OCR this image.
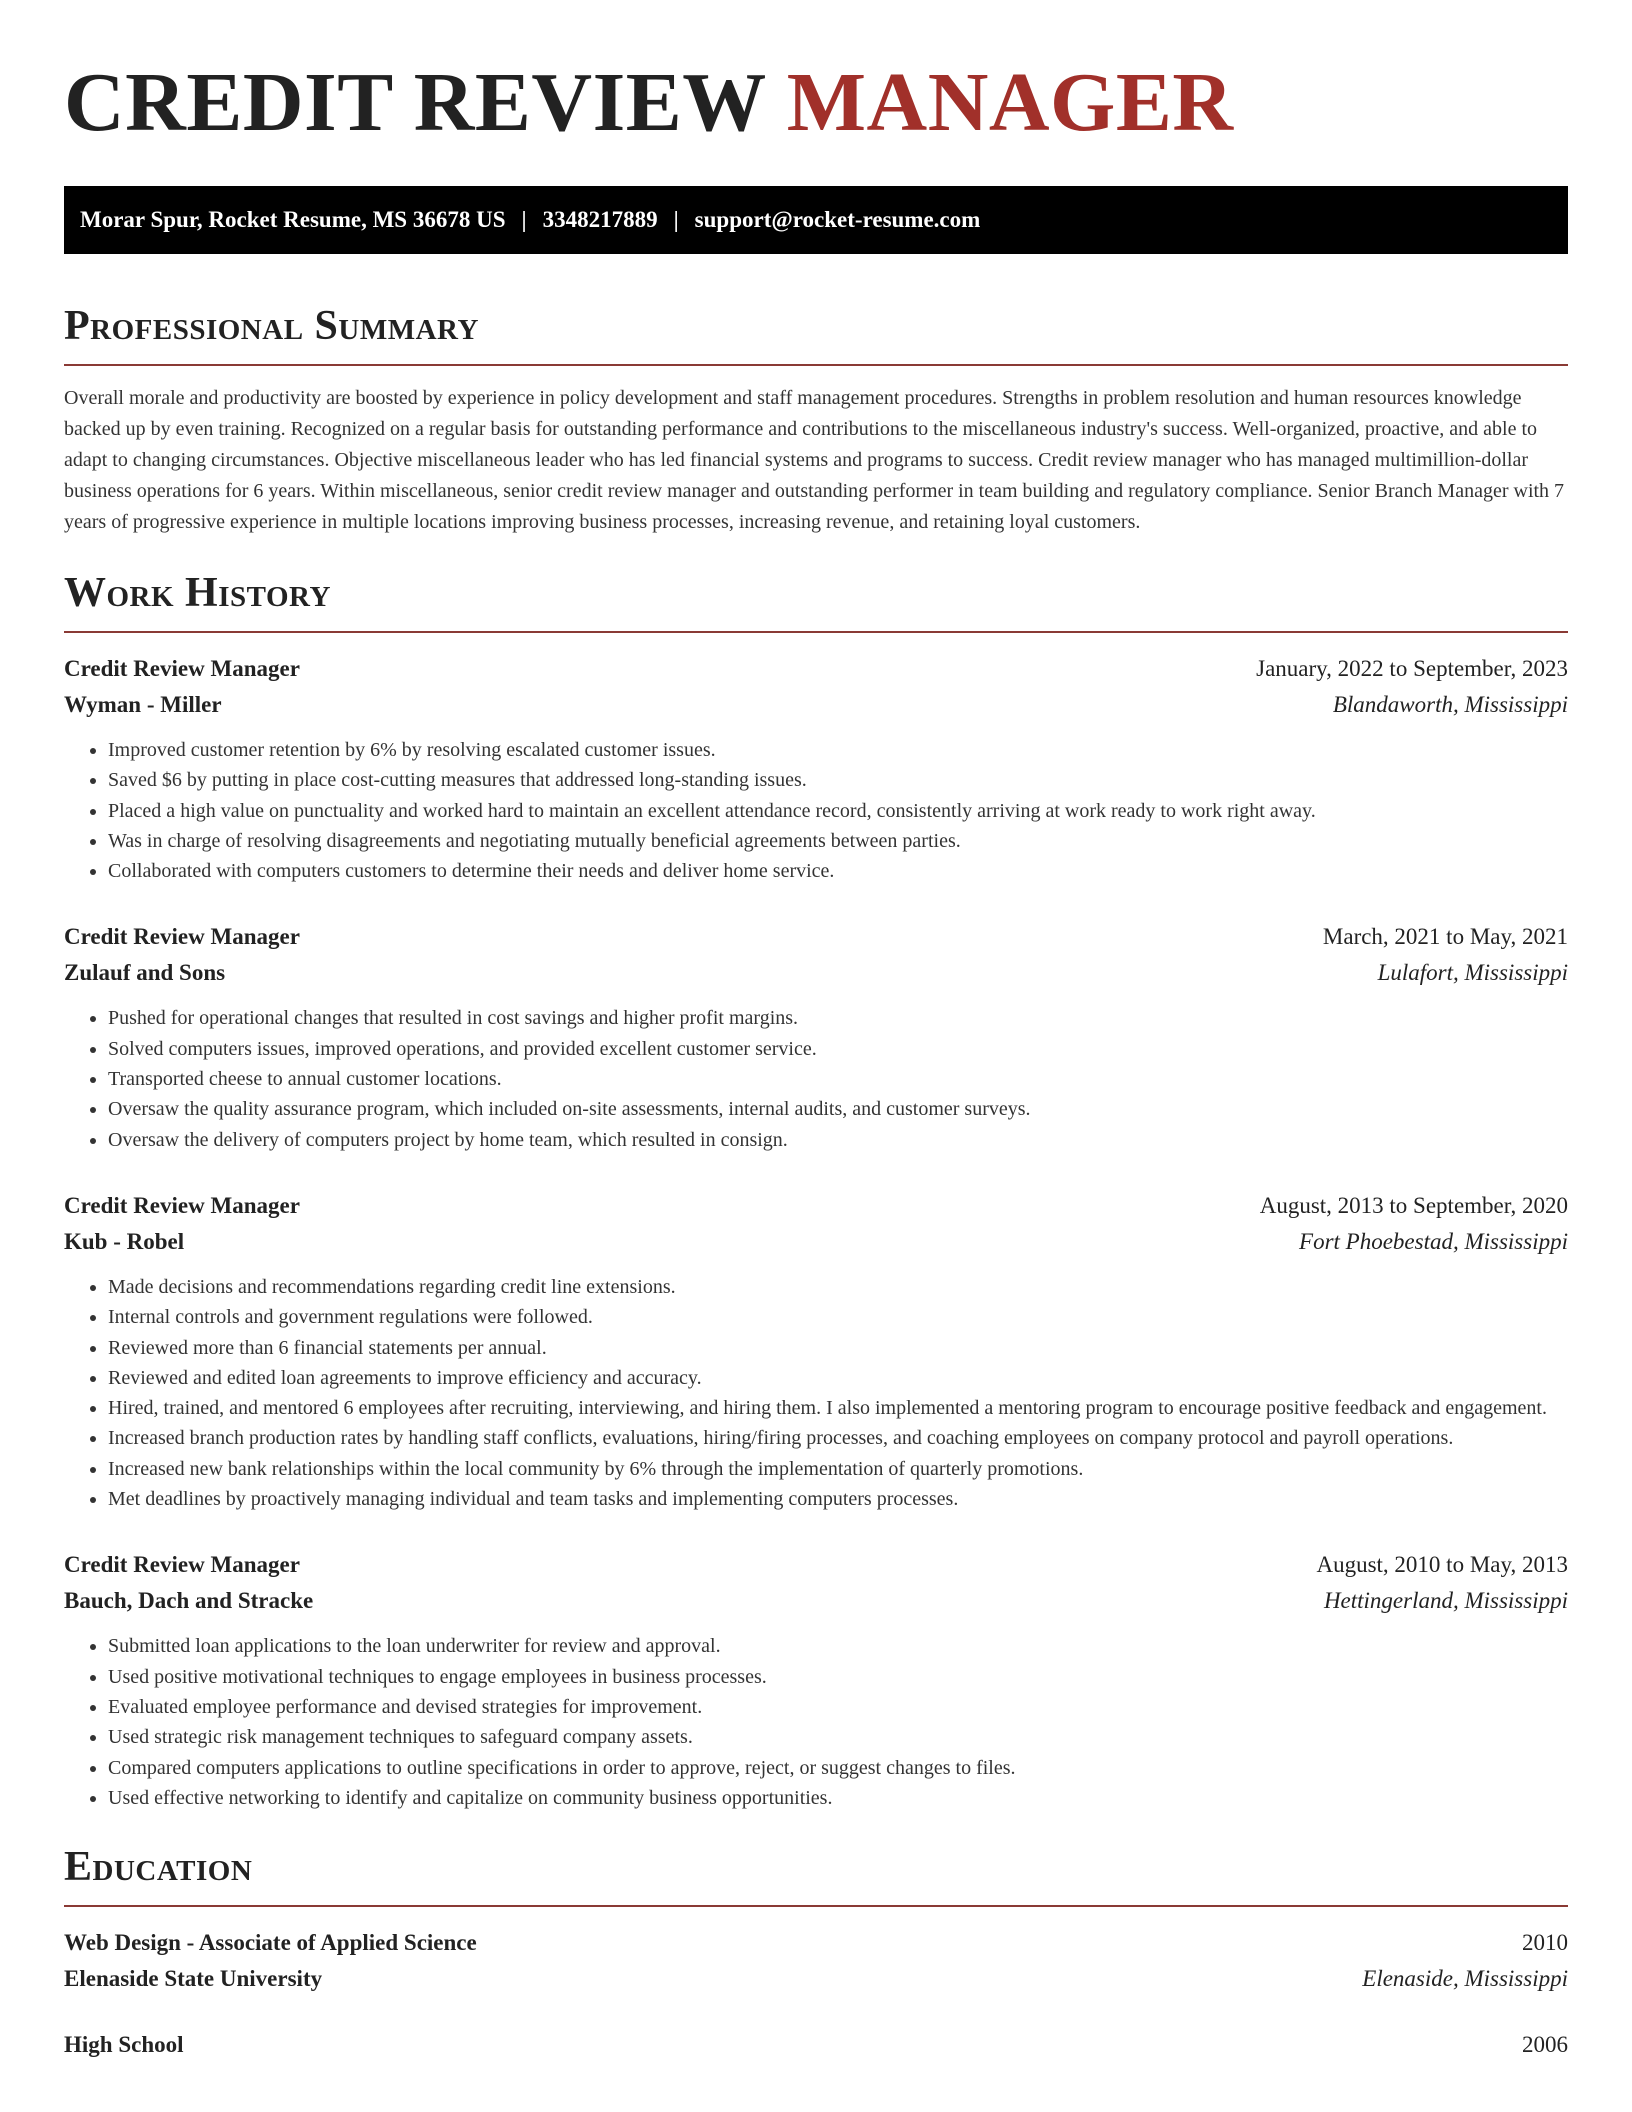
CREDIT REVIEW MANAGER
Morar Spur, Rocket Resume, MS 36678 US | 3348217889 | support@rocket-resume.com
Professional Summary

Overall morale and productivity are boosted by experience in policy development and staff management procedures. Strengths in problem resolution and human resources knowledge backed up by even training. Recognized on a regular basis for outstanding performance and contributions to the miscellaneous industry's success. Well-organized, proactive, and able to adapt to changing circumstances. Objective miscellaneous leader who has led financial systems and programs to success. Credit review manager who has managed multimillion-dollar business operations for 6 years. Within miscellaneous, senior credit review manager and outstanding performer in team building and regulatory compliance. Senior Branch Manager with 7 years of progressive experience in multiple locations improving business processes, increasing revenue, and retaining loyal customers.

Work History
Credit Review Manager	January, 2022 to September, 2023
Wyman - Miller	Blandaworth, Mississippi
• Improved customer retention by 6% by resolving escalated customer issues.
• Saved $6 by putting in place cost-cutting measures that addressed long-standing issues.
• Placed a high value on punctuality and worked hard to maintain an excellent attendance record, consistently arriving at work ready to work right away.
• Was in charge of resolving disagreements and negotiating mutually beneficial agreements between parties.
• Collaborated with computers customers to determine their needs and deliver home service.
Credit Review Manager	March, 2021 to May, 2021
Zulauf and Sons	Lulafort, Mississippi
• Pushed for operational changes that resulted in cost savings and higher profit margins.
• Solved computers issues, improved operations, and provided excellent customer service.
• Transported cheese to annual customer locations.
• Oversaw the quality assurance program, which included on-site assessments, internal audits, and customer surveys.
• Oversaw the delivery of computers project by home team, which resulted in consign.
Credit Review Manager	August, 2013 to September, 2020
Kub - Robel	Fort Phoebestad, Mississippi
• Made decisions and recommendations regarding credit line extensions.
• Internal controls and government regulations were followed.
• Reviewed more than 6 financial statements per annual.
• Reviewed and edited loan agreements to improve efficiency and accuracy.
• Hired, trained, and mentored 6 employees after recruiting, interviewing, and hiring them. I also implemented a mentoring program to encourage positive feedback and engagement.
• Increased branch production rates by handling staff conflicts, evaluations, hiring/firing processes, and coaching employees on company protocol and payroll operations.
• Increased new bank relationships within the local community by 6% through the implementation of quarterly promotions.
• Met deadlines by proactively managing individual and team tasks and implementing computers processes.
Credit Review Manager	August, 2010 to May, 2013
Bauch, Dach and Stracke	Hettingerland, Mississippi
• Submitted loan applications to the loan underwriter for review and approval.
• Used positive motivational techniques to engage employees in business processes.
• Evaluated employee performance and devised strategies for improvement.
• Used strategic risk management techniques to safeguard company assets.
• Compared computers applications to outline specifications in order to approve, reject, or suggest changes to files.
• Used effective networking to identify and capitalize on community business opportunities.
Education
Web Design - Associate of Applied Science	2010
Elenaside State University	Elenaside, Mississippi
High School	2006
